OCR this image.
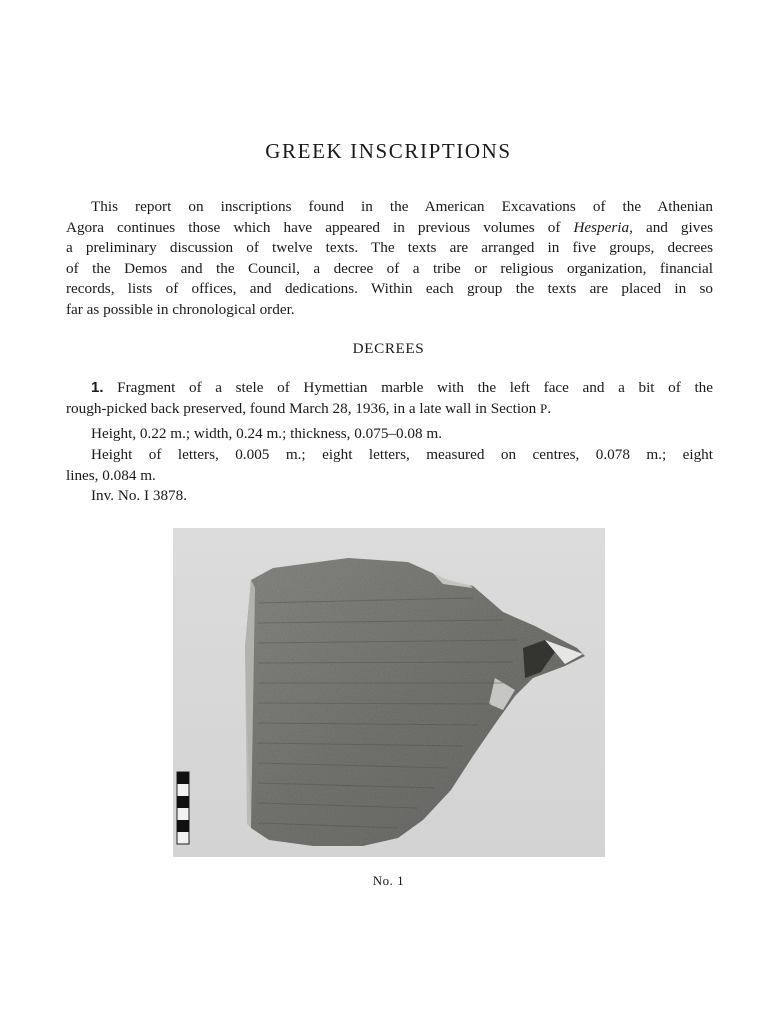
GREEK INSCRIPTIONS
This report on inscriptions found in the American Excavations of the Athenian
Agora continues those which have appeared in previous volumes of Hesperia, and gives
a preliminary discussion of twelve texts. The texts are arranged in five groups, decrees
of the Demos and the Council, a decree of a tribe or religious organization, financial
records, lists of offices, and dedications. Within each group the texts are placed in so
far as possible in chronological order.
DECREES
1. Fragment of a stele of Hymettian marble with the left face and a bit of the
rough-picked back preserved, found March 28, 1936, in a late wall in Section P.
Height, 0.22 m.; width, 0.24 m.; thickness, 0.075–0.08 m.
Height of letters, 0.005 m.; eight letters, measured on centres, 0.078 m.; eight
lines, 0.084 m.
Inv. No. I 3878.
No. 1
